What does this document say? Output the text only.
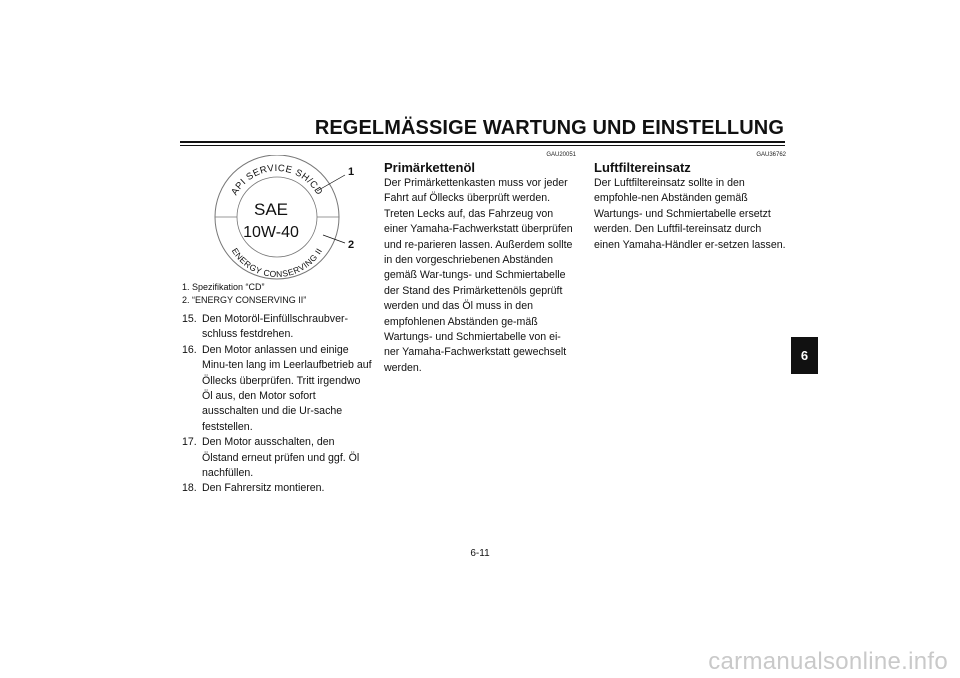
REGELMÄSSIGE WARTUNG UND EINSTELLUNG
API SERVICE SH/CD
ENERGY CONSERVING II
SAE
10W-40
1
2
1. Spezifikation “CD”
2. “ENERGY CONSERVING II”
15. Den Motoröl-Einfüllschraubver-schluss festdrehen.
16. Den Motor anlassen und einige Minu-ten lang im Leerlaufbetrieb auf Öllecks überprüfen. Tritt irgendwo Öl aus, den Motor sofort ausschalten und die Ur-sache feststellen.
17. Den Motor ausschalten, den Ölstand erneut prüfen und ggf. Öl nachfüllen.
18. Den Fahrersitz montieren.
GAU20051
Primärkettenöl

Der Primärkettenkasten muss vor jeder Fahrt auf Öllecks überprüft werden. Treten Lecks auf, das Fahrzeug von einer Yamaha-Fachwerkstatt überprüfen und re-parieren lassen. Außerdem sollte in den vorgeschriebenen Abständen gemäß War-tungs- und Schmiertabelle der Stand des Primärkettenöls geprüft werden und das Öl muss in den empfohlenen Abständen ge-mäß Wartungs- und Schmiertabelle von ei-ner Yamaha-Fachwerkstatt gewechselt werden.

GAU36762
Luftfiltereinsatz

Der Luftfiltereinsatz sollte in den empfohle-nen Abständen gemäß Wartungs- und Schmiertabelle ersetzt werden. Den Luftfil-tereinsatz durch einen Yamaha-Händler er-setzen lassen.

6
6-11
carmanualsonline.info
